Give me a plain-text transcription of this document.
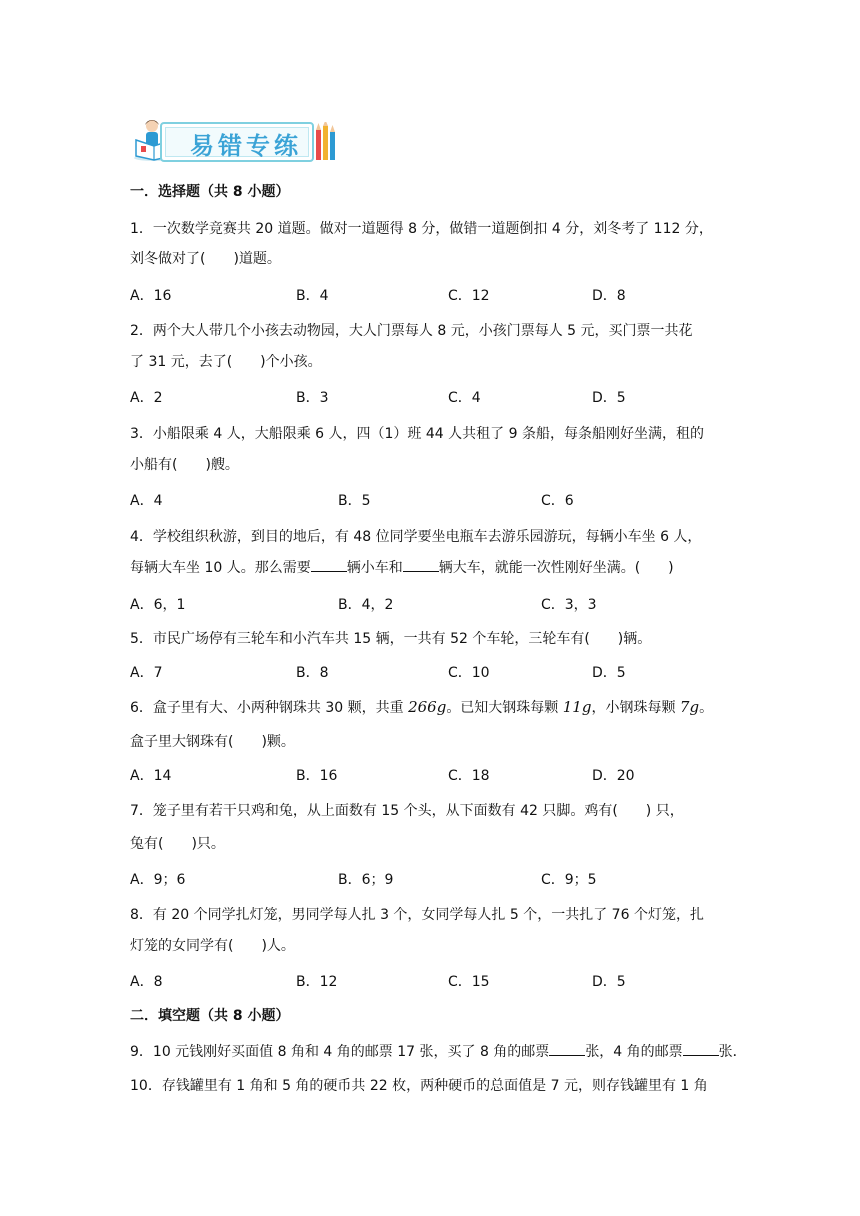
易错专练
一．选择题（共 8 小题）
1．一次数学竞赛共 20 道题。做对一道题得 8 分，做错一道题倒扣 4 分，刘冬考了 112 分，
刘冬做对了(　　)道题。
A．16	B．4	C．12	D．8
2．两个大人带几个小孩去动物园，大人门票每人 8 元，小孩门票每人 5 元，买门票一共花
了 31 元，去了(　　)个小孩。
A．2	B．3	C．4	D．5
3．小船限乘 4 人，大船限乘 6 人，四（1）班 44 人共租了 9 条船，每条船刚好坐满，租的
小船有(　　)艘。
A．4	B．5	C．6
4．学校组织秋游，到目的地后，有 48 位同学要坐电瓶车去游乐园游玩，每辆小车坐 6 人，
每辆大车坐 10 人。那么需要	辆小车和	辆大车，就能一次性刚好坐满。(　　)
A．6，1	B．4，2	C．3，3
5．市民广场停有三轮车和小汽车共 15 辆，一共有 52 个车轮，三轮车有(　　)辆。
A．7	B．8	C．10	D．5
6．盒子里有大、小两种钢珠共 30 颗，共重 266g。已知大钢珠每颗 11g，小钢珠每颗 7g。
盒子里大钢珠有(　　)颗。
A．14	B．16	C．18	D．20
7．笼子里有若干只鸡和兔，从上面数有 15 个头，从下面数有 42 只脚。鸡有(　　) 只，
兔有(　　)只。
A．9；6	B．6；9	C．9；5
8．有 20 个同学扎灯笼，男同学每人扎 3 个，女同学每人扎 5 个，一共扎了 76 个灯笼，扎
灯笼的女同学有(　　)人。
A．8	B．12	C．15	D．5
二．填空题（共 8 小题）
9．10 元钱刚好买面值 8 角和 4 角的邮票 17 张，买了 8 角的邮票	张，4 角的邮票	张．
10．存钱罐里有 1 角和 5 角的硬币共 22 枚，两种硬币的总面值是 7 元，则存钱罐里有 1 角
